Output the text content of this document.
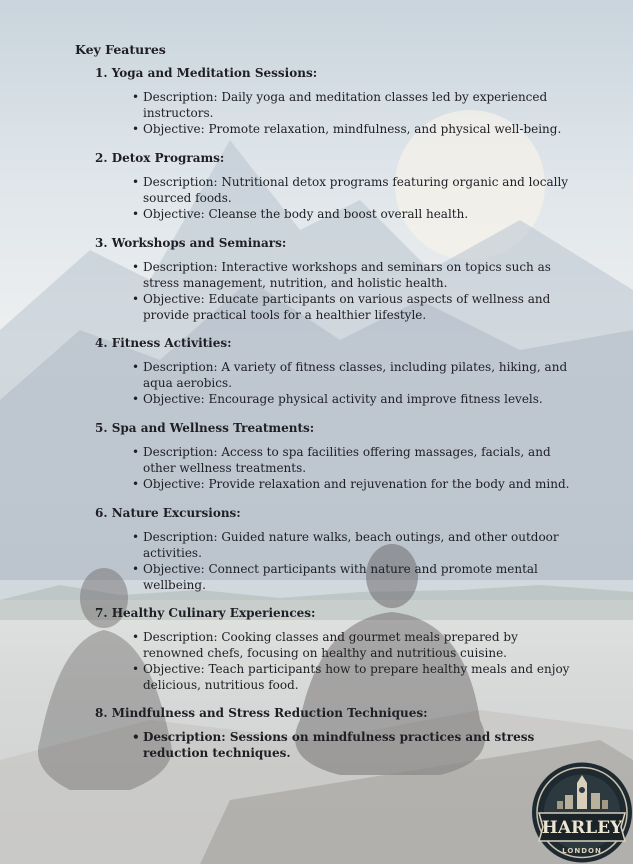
Key Features
1. Yoga and Meditation Sessions:
• Description: Daily yoga and meditation classes led by experienced instructors.
• Objective: Promote relaxation, mindfulness, and physical well-being.
2. Detox Programs:
• Description: Nutritional detox programs featuring organic and locally sourced foods.
• Objective: Cleanse the body and boost overall health.
3. Workshops and Seminars:
• Description: Interactive workshops and seminars on topics such as stress management, nutrition, and holistic health.
• Objective: Educate participants on various aspects of wellness and provide practical tools for a healthier lifestyle.
4. Fitness Activities:
• Description: A variety of fitness classes, including pilates, hiking, and aqua aerobics.
• Objective: Encourage physical activity and improve fitness levels.
5. Spa and Wellness Treatments:
• Description: Access to spa facilities offering massages, facials, and other wellness treatments.
• Objective: Provide relaxation and rejuvenation for the body and mind.
6. Nature Excursions:
• Description: Guided nature walks, beach outings, and other outdoor activities.
• Objective: Connect participants with nature and promote mental wellbeing.
7. Healthy Culinary Experiences:
• Description: Cooking classes and gourmet meals prepared by renowned chefs, focusing on healthy and nutritious cuisine.
• Objective: Teach participants how to prepare healthy meals and enjoy delicious, nutritious food.
8. Mindfulness and Stress Reduction Techniques:
• Description: Sessions on mindfulness practices and stress reduction techniques.
HARLEY
LONDON
